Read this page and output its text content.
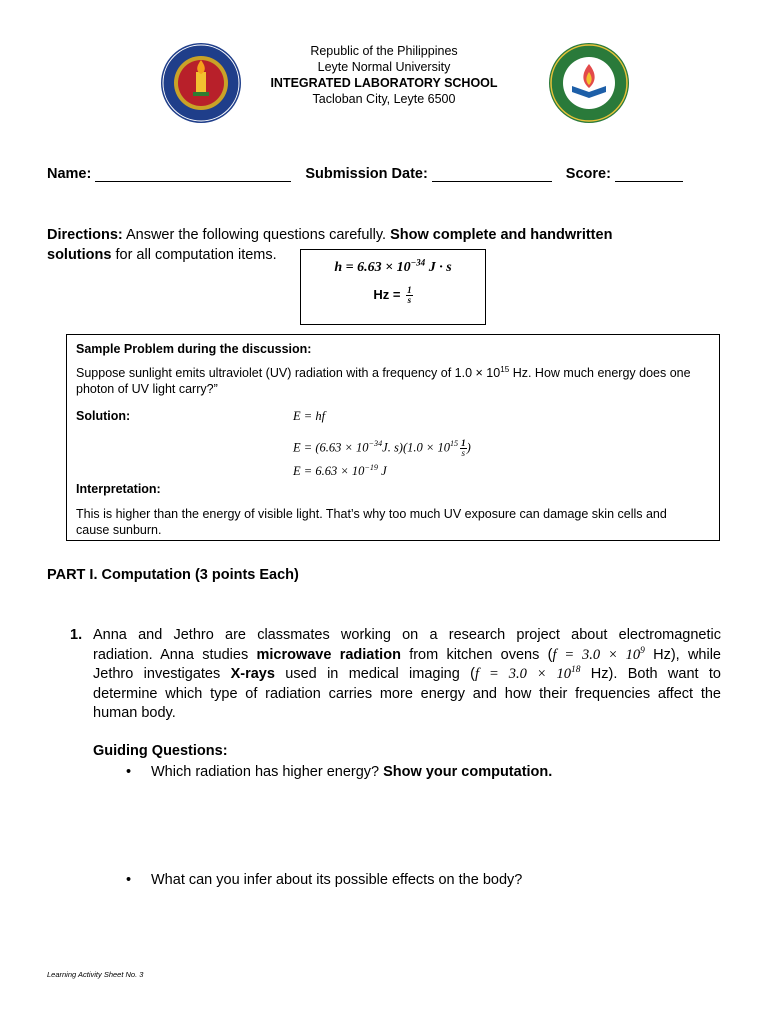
Republic of the Philippines
Leyte Normal University
INTEGRATED LABORATORY SCHOOL
Tacloban City, Leyte 6500
Name:	Submission Date:	Score:
Directions: Answer the following questions carefully. Show complete and handwritten
solutions for all computation items.
$h = 6.63 \times 10^{-34}$ J · s
$Hz = \frac{1}{s}$
Sample Problem during the discussion:
Suppose sunlight emits ultraviolet (UV) radiation with a frequency of $1.0 \times 10^{15}$ Hz. How much energy does one
photon of UV light carry?”
Solution:	E = hf
$E = (6.63 \times 10^{-34}J$. $s)(1.0 \times 10^{15} \frac{1}{s}$ )
$E = 6.63 \times 10^{-19}$ J
Interpretation:
This is higher than the energy of visible light. That’s why too much UV exposure can damage skin cells and
cause sunburn.
PART I. Computation (3 points Each)
1. Anna and Jethro are classmates working on a research project about electromagnetic
radiation. Anna studies microwave radiation from kitchen ovens ($f = 3.0 \times 10^9$ Hz), while
Jethro investigates X-rays used in medical imaging ($f = 3.0 \times 10^{18}$ Hz). Both want to
determine which type of radiation carries more energy and how their frequencies affect the
human body.
Guiding Questions:
• Which radiation has higher energy? Show your computation.
• What can you infer about its possible effects on the body?
Learning Activity Sheet No. 3
